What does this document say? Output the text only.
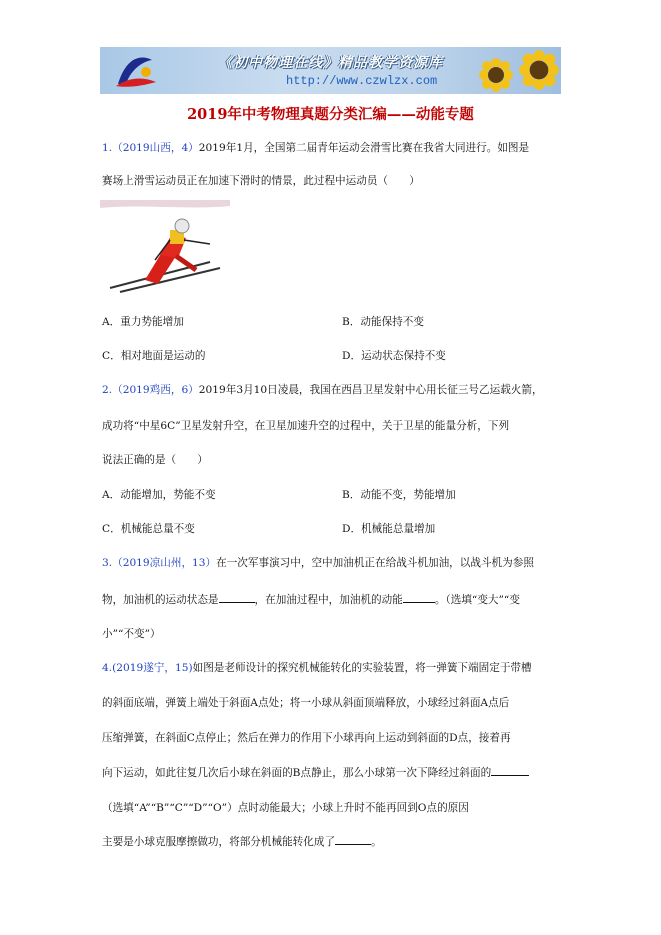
《初中物理在线》精品教学资源库
http://www.czwlzx.com
2019年中考物理真题分类汇编——动能专题
1.（2019山西，4）2019年1月，全国第二届青年运动会滑雪比赛在我省大同进行。如图是
赛场上滑雪运动员正在加速下滑时的情景，此过程中运动员（　　）
A．重力势能增加	B．动能保持不变
C．相对地面是运动的	D．运动状态保持不变
2.（2019鸡西，6）2019年3月10日凌晨，我国在西昌卫星发射中心用长征三号乙运载火箭，
成功将“中星6C”卫星发射升空，在卫星加速升空的过程中，关于卫星的能量分析，下列
说法正确的是（　　）
A．动能增加，势能不变	B．动能不变，势能增加
C．机械能总量不变	D．机械能总量增加
3.（2019凉山州，13）在一次军事演习中，空中加油机正在给战斗机加油，以战斗机为参照
物，加油机的运动状态是	，在加油过程中，加油机的动能	。（选填“变大”“变
小”“不变”）
4.(2019遂宁，15)如图是老师设计的探究机械能转化的实验装置，将一弹簧下端固定于带槽
的斜面底端，弹簧上端处于斜面A点处；将一小球从斜面顶端释放，小球经过斜面A点后
压缩弹簧，在斜面C点停止；然后在弹力的作用下小球再向上运动到斜面的D点，接着再
向下运动，如此往复几次后小球在斜面的B点静止，那么小球第一次下降经过斜面的
（选填“A”“B”“C”“D”“O”）点时动能最大；小球上升时不能再回到O点的原因
主要是小球克服摩擦做功，将部分机械能转化成了	。
